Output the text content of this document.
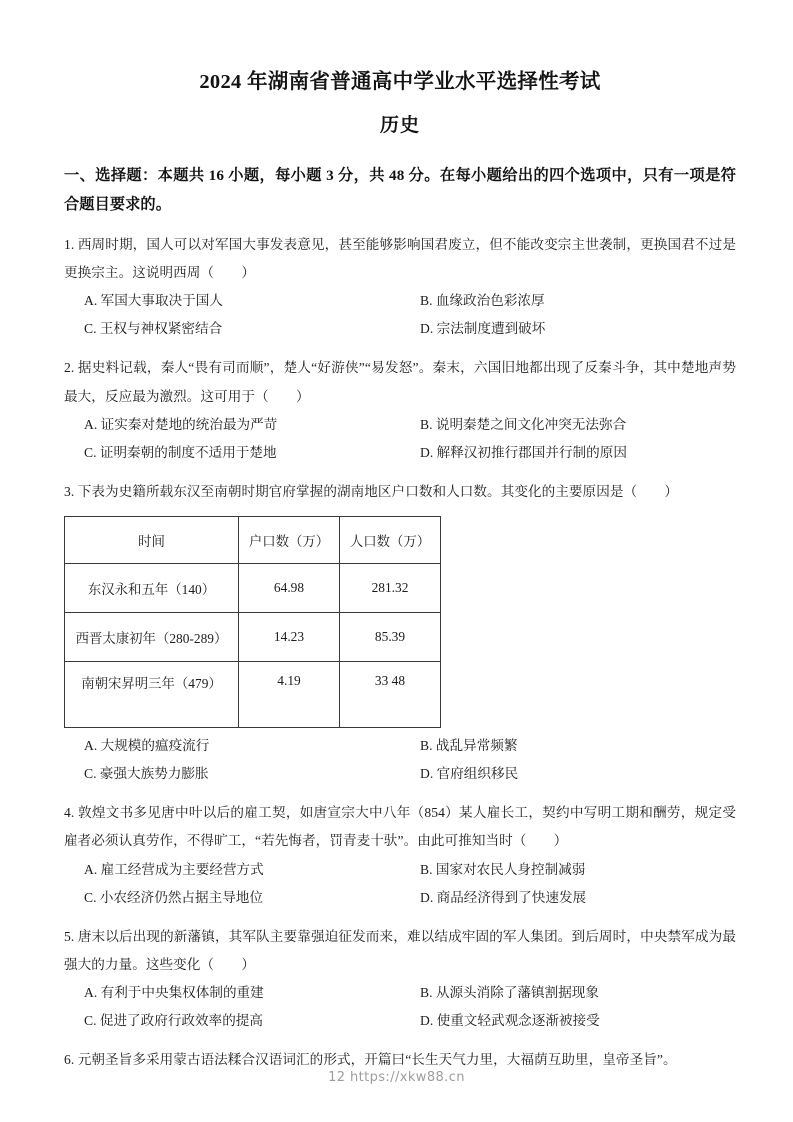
2024 年湖南省普通高中学业水平选择性考试
历史

一、选择题：本题共 16 小题，每小题 3 分，共 48 分。在每小题给出的四个选项中，只有一项是符合题目要求的。

1. 西周时期，国人可以对军国大事发表意见，甚至能够影响国君废立，但不能改变宗主世袭制，更换国君不过是更换宗主。这说明西周（　　）

A. 军国大事取决于国人	B. 血缘政治色彩浓厚
C. 王权与神权紧密结合	D. 宗法制度遭到破坏

2. 据史料记载，秦人“畏有司而顺”，楚人“好游侠”“易发怒”。秦末，六国旧地都出现了反秦斗争，其中楚地声势最大，反应最为激烈。这可用于（　　）

A. 证实秦对楚地的统治最为严苛	B. 说明秦楚之间文化冲突无法弥合
C. 证明秦朝的制度不适用于楚地	D. 解释汉初推行郡国并行制的原因

3. 下表为史籍所载东汉至南朝时期官府掌握的湖南地区户口数和人口数。其变化的主要原因是（　　）

时间	户口数（万）	人口数（万）
东汉永和五年（140）	64.98	281.32
西晋太康初年（280-289）	14.23	85.39
南朝宋昇明三年（479）	4.19	33 48
A. 大规模的瘟疫流行	B. 战乱异常频繁
C. 豪强大族势力膨胀	D. 官府组织移民

4. 敦煌文书多见唐中叶以后的雇工契，如唐宣宗大中八年（854）某人雇长工，契约中写明工期和酬劳，规定受雇者必须认真劳作，不得旷工，“若先悔者，罚青麦十驮”。由此可推知当时（　　）

A. 雇工经营成为主要经营方式	B. 国家对农民人身控制减弱
C. 小农经济仍然占据主导地位	D. 商品经济得到了快速发展

5. 唐末以后出现的新藩镇，其军队主要靠强迫征发而来，难以结成牢固的军人集团。到后周时，中央禁军成为最强大的力量。这些变化（　　）

A. 有利于中央集权体制的重建	B. 从源头消除了藩镇割据现象
C. 促进了政府行政效率的提高	D. 使重文轻武观念逐渐被接受

6. 元朝圣旨多采用蒙古语法糅合汉语词汇的形式，开篇曰“长生天气力里，大福荫互助里，皇帝圣旨”。

12 https://xkw88.cn
